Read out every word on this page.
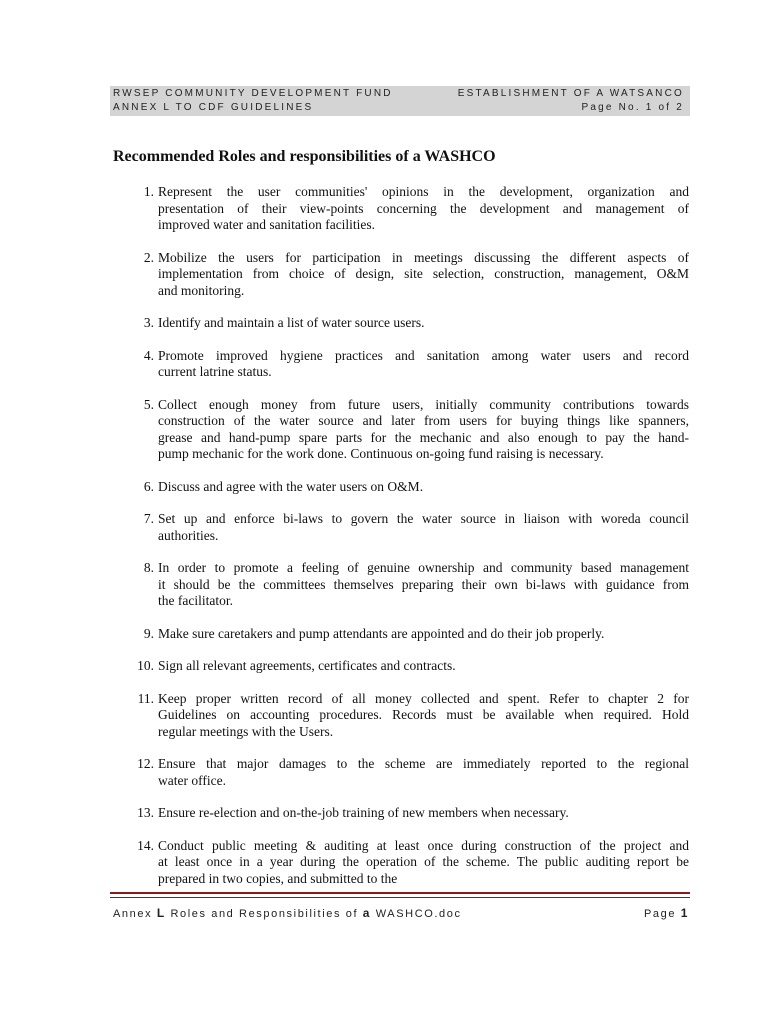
RWSEP COMMUNITY DEVELOPMENT FUND	ESTABLISHMENT OF A WATSANCO
ANNEX L TO CDF GUIDELINES	Page No. 1 of 2
Recommended Roles and responsibilities of a WASHCO
1. Represent the user communities' opinions in the development, organization and
presentation of their view-points concerning the development and management of
improved water and sanitation facilities.
2. Mobilize the users for participation in meetings discussing the different aspects of
implementation from choice of design, site selection, construction, management, O&M
and monitoring.
3. Identify and maintain a list of water source users.
4. Promote improved hygiene practices and sanitation among water users and record
current latrine status.
5. Collect enough money from future users, initially community contributions towards
construction of the water source and later from users for buying things like spanners,
grease and hand-pump spare parts for the mechanic and also enough to pay the hand-
pump mechanic for the work done. Continuous on-going fund raising is necessary.
6. Discuss and agree with the water users on O&M.
7. Set up and enforce bi-laws to govern the water source in liaison with woreda council
authorities.
8. In order to promote a feeling of genuine ownership and community based management
it should be the committees themselves preparing their own bi-laws with guidance from
the facilitator.
9. Make sure caretakers and pump attendants are appointed and do their job properly.
10. Sign all relevant agreements, certificates and contracts.
11. Keep proper written record of all money collected and spent. Refer to chapter 2 for
Guidelines on accounting procedures. Records must be available when required. Hold
regular meetings with the Users.
12. Ensure that major damages to the scheme are immediately reported to the regional
water office.
13. Ensure re-election and on-the-job training of new members when necessary.
14. Conduct public meeting & auditing at least once during construction of the project and
at least once in a year during the operation of the scheme. The public auditing report be
prepared in two copies, and submitted to the
Annex L Roles and Responsibilities of a WASHCO.doc	Page 1
